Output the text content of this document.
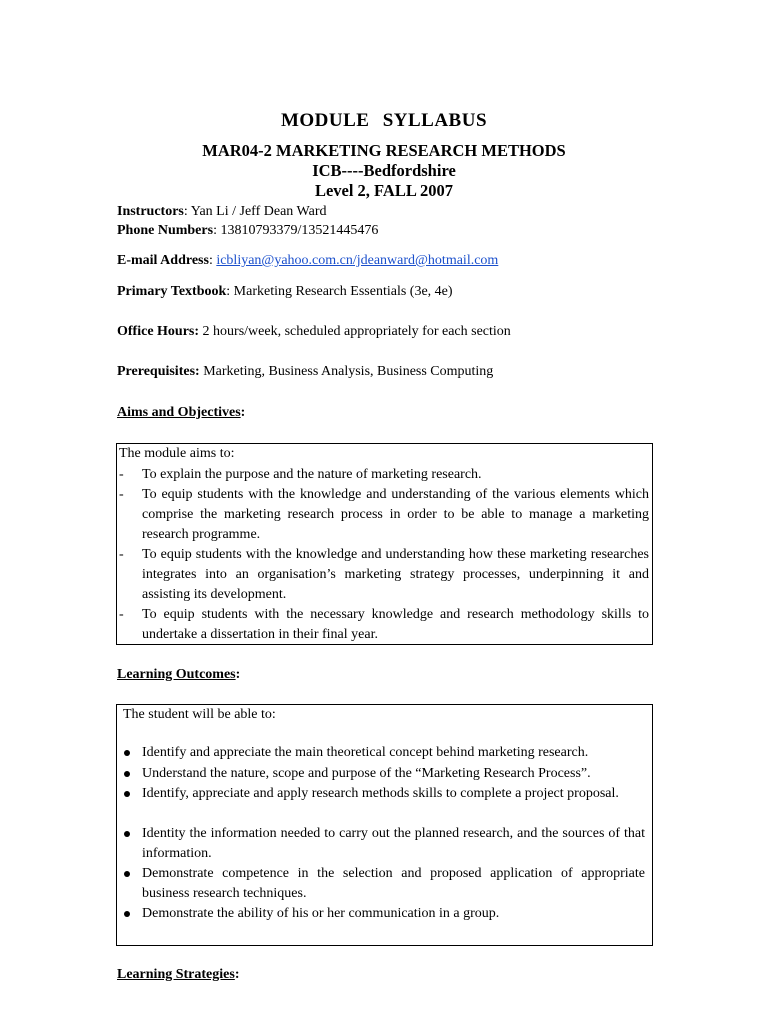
MODULE SYLLABUS
MAR04-2 MARKETING RESEARCH METHODS
ICB----Bedfordshire
Level 2, FALL 2007
Instructors: Yan Li / Jeff Dean Ward
Phone Numbers: 13810793379/13521445476
E-mail Address: icbliyan@yahoo.com.cn/jdeanward@hotmail.com
Primary Textbook: Marketing Research Essentials (3e, 4e)
Office Hours: 2 hours/week, scheduled appropriately for each section
Prerequisites: Marketing, Business Analysis, Business Computing
Aims and Objectives:
The module aims to:
- To explain the purpose and the nature of marketing research.
- To equip students with the knowledge and understanding of the various elements which comprise the marketing research process in order to be able to manage a marketing research programme.
- To equip students with the knowledge and understanding how these marketing researches integrates into an organisation’s marketing strategy processes, underpinning it and assisting its development.
- To equip students with the necessary knowledge and research methodology skills to undertake a dissertation in their final year.
Learning Outcomes:
The student will be able to:
Identify and appreciate the main theoretical concept behind marketing research.
Understand the nature, scope and purpose of the “Marketing Research Process”.
Identify, appreciate and apply research methods skills to complete a project proposal.
Identity the information needed to carry out the planned research, and the sources of that information.
Demonstrate competence in the selection and proposed application of appropriate business research techniques.
Demonstrate the ability of his or her communication in a group.
Learning Strategies:
